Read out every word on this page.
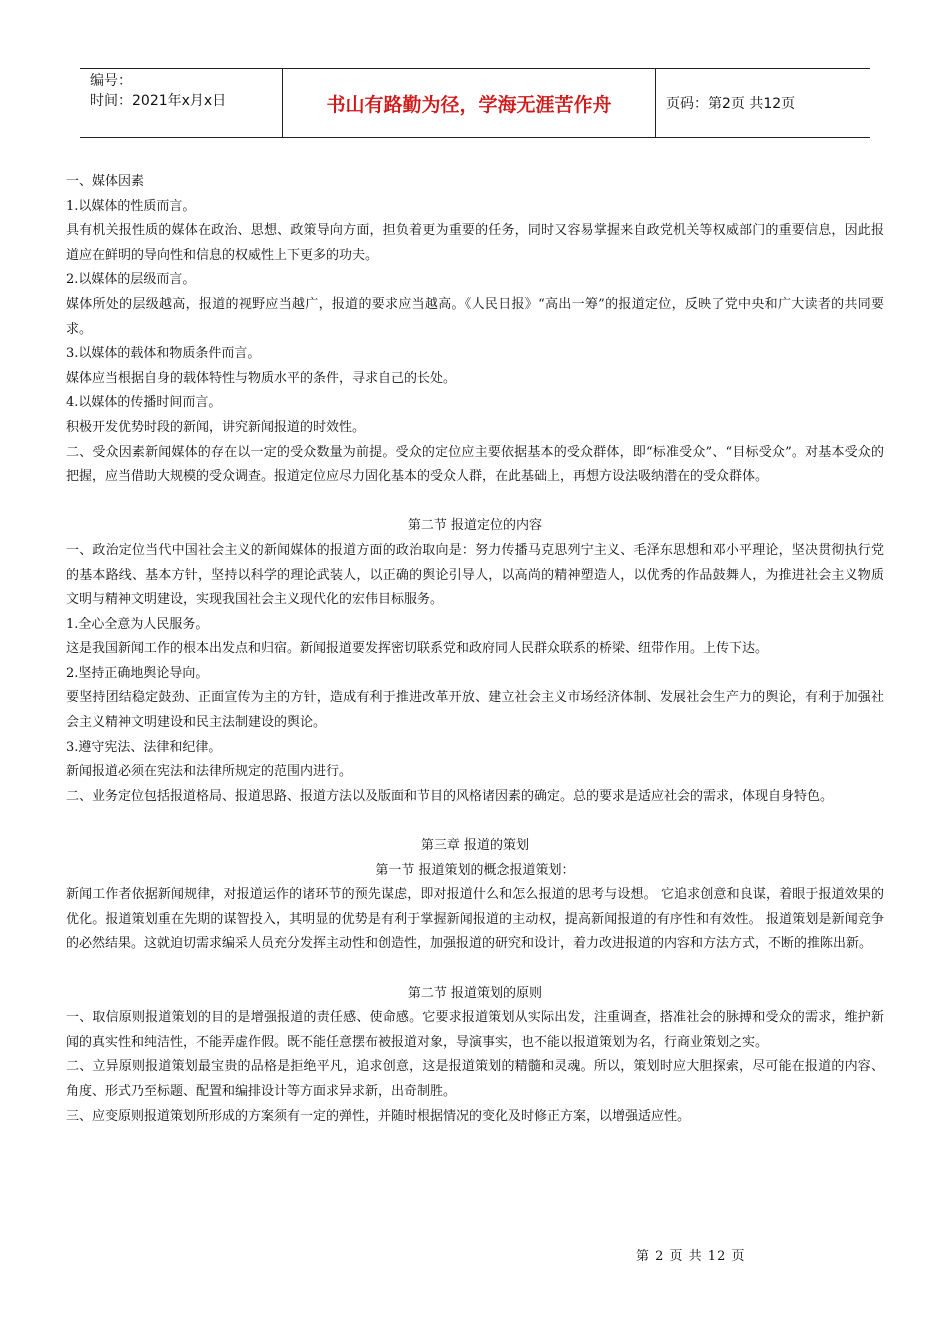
编号：
时间：2021年x月x日	书山有路勤为径，学海无涯苦作舟	页码：第2页 共12页

一、媒体因素

1.以媒体的性质而言。

具有机关报性质的媒体在政治、思想、政策导向方面，担负着更为重要的任务，同时又容易掌握来自政党机关等权威部门的重要信息，因此报道应在鲜明的导向性和信息的权威性上下更多的功夫。

2.以媒体的层级而言。

媒体所处的层级越高，报道的视野应当越广，报道的要求应当越高。《人民日报》“高出一筹”的报道定位，反映了党中央和广大读者的共同要求。

3.以媒体的载体和物质条件而言。

媒体应当根据自身的载体特性与物质水平的条件，寻求自己的长处。

4.以媒体的传播时间而言。

积极开发优势时段的新闻，讲究新闻报道的时效性。

二、受众因素新闻媒体的存在以一定的受众数量为前提。受众的定位应主要依据基本的受众群体，即“标准受众”、“目标受众”。对基本受众的把握，应当借助大规模的受众调查。报道定位应尽力固化基本的受众人群，在此基础上，再想方设法吸纳潜在的受众群体。

第二节 报道定位的内容

一、政治定位当代中国社会主义的新闻媒体的报道方面的政治取向是：努力传播马克思列宁主义、毛泽东思想和邓小平理论，坚决贯彻执行党的基本路线、基本方针，坚持以科学的理论武装人，以正确的舆论引导人，以高尚的精神塑造人，以优秀的作品鼓舞人，为推进社会主义物质文明与精神文明建设，实现我国社会主义现代化的宏伟目标服务。

1.全心全意为人民服务。

这是我国新闻工作的根本出发点和归宿。新闻报道要发挥密切联系党和政府同人民群众联系的桥梁、纽带作用。上传下达。

2.坚持正确地舆论导向。

要坚持团结稳定鼓劲、正面宣传为主的方针，造成有利于推进改革开放、建立社会主义市场经济体制、发展社会生产力的舆论，有利于加强社会主义精神文明建设和民主法制建设的舆论。

3.遵守宪法、法律和纪律。

新闻报道必须在宪法和法律所规定的范围内进行。

二、业务定位包括报道格局、报道思路、报道方法以及版面和节目的风格诸因素的确定。总的要求是适应社会的需求，体现自身特色。

第三章 报道的策划

第一节 报道策划的概念报道策划：

新闻工作者依据新闻规律，对报道运作的诸环节的预先谋虑，即对报道什么和怎么报道的思考与设想。 它追求创意和良谋，着眼于报道效果的优化。报道策划重在先期的谋智投入，其明显的优势是有利于掌握新闻报道的主动权，提高新闻报道的有序性和有效性。 报道策划是新闻竞争的必然结果。这就迫切需求编采人员充分发挥主动性和创造性，加强报道的研究和设计，着力改进报道的内容和方法方式，不断的推陈出新。

第二节 报道策划的原则

一、取信原则报道策划的目的是增强报道的责任感、使命感。它要求报道策划从实际出发，注重调查，搭准社会的脉搏和受众的需求，维护新闻的真实性和纯洁性，不能弄虚作假。既不能任意摆布被报道对象，导演事实，也不能以报道策划为名，行商业策划之实。

二、立异原则报道策划最宝贵的品格是拒绝平凡，追求创意，这是报道策划的精髓和灵魂。所以，策划时应大胆探索，尽可能在报道的内容、角度、形式乃至标题、配置和编排设计等方面求异求新，出奇制胜。

三、应变原则报道策划所形成的方案须有一定的弹性，并随时根据情况的变化及时修正方案，以增强适应性。

第 2 页 共 12 页
